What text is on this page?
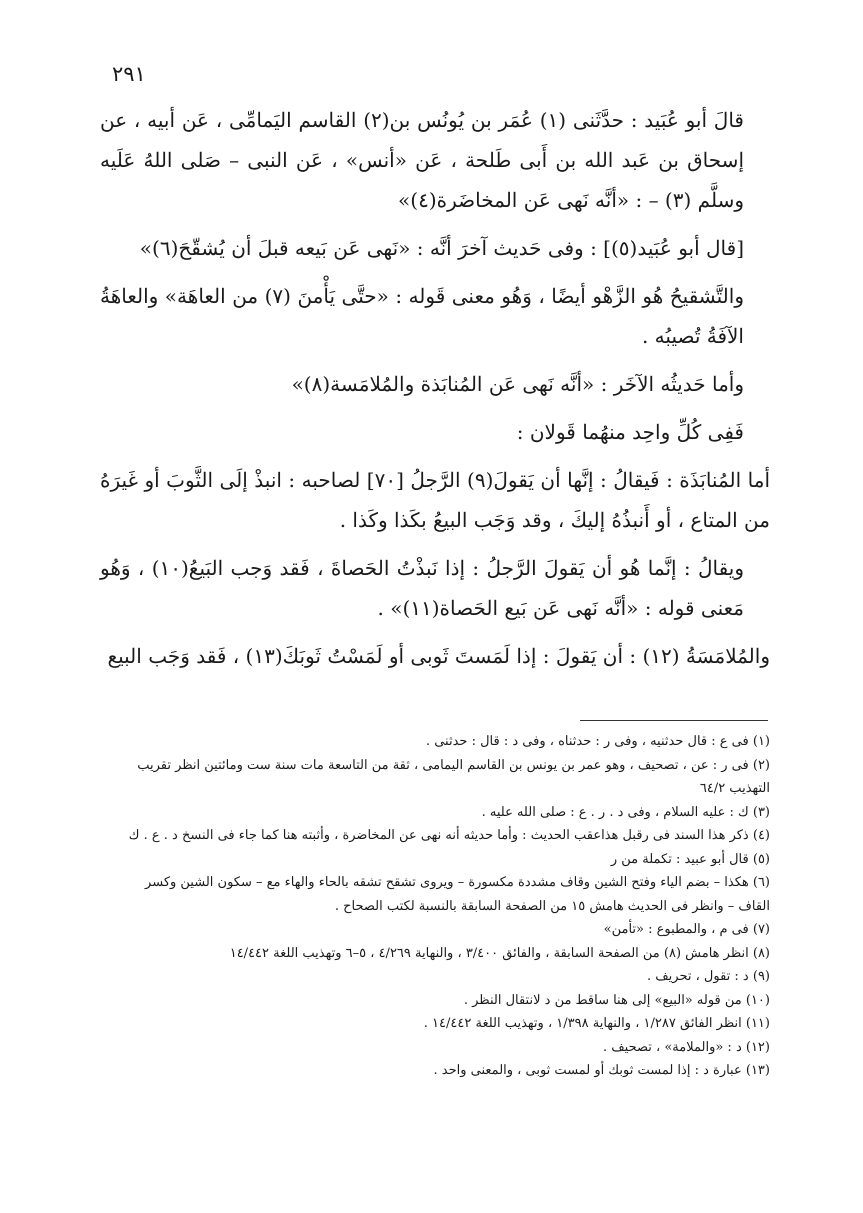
٢٩١

قالَ أبو عُبَيد : حدَّثَنى (١) عُمَر بن يُونُس بن(٢) القاسم اليَمامِّى ، عَن أبيه ، عن إسحاق بن عَبد الله بن أَبى طَلحة ، عَن «أنس» ، عَن النبى – صَلى اللهُ عَلَيه وسلَّم (٣) – : «أنَّه نَهى عَن المخاضَرة(٤)»

[قال أبو عُبَيد(٥)] : وفى حَديث آخرَ أنَّه : «نَهى عَن بَيعه قبلَ أن يُشقّحَ(٦)»

والتَّشقيحُ هُو الزَّهْو أيضًا ، وَهُو معنى قَوله : «حتَّى يَأْمنَ (٧) من العاهَة» والعاهَةُ الآفَةُ تُصيبُه .

وأما حَديثُه الآخَر : «أنَّه نَهى عَن المُنابَذة والمُلامَسة(٨)»

فَفِى كُلِّ واحِد منهُما قَولان :

أما المُنابَذَة : فَيقالُ : إنَّها أن يَقولَ(٩) الرَّجلُ [٧٠] لصاحبه : انبذْ إلَى الثَّوبَ أو غَيرَهُ من المتاع ، أو أَنبذُهُ إليكَ ، وقد وَجَب البيعُ بكَذا وكَذا .

ويقالُ : إنَّما هُو أن يَقولَ الرَّجلُ : إذا نَبذْتُ الحَصاةَ ، فَقد وَجب البَيعُ(١٠) ، وَهُو مَعنى قوله : «أنَّه نَهى عَن بَيع الحَصاة(١١)» .

والمُلامَسَةُ (١٢) : أن يَقولَ : إذا لَمَستَ ثَوبى أو لَمَسْتُ ثَوبَكَ(١٣) ، فَقد وَجَب البيع

(١) فى ع : قال حدثنيه ، وفى ر : حدثناه ، وفى د : قال : حدثنى .

(٢) فى ر : عن ، تصحيف ، وهو عمر بن يونس بن القاسم اليمامى ، ثقة من التاسعة مات سنة ست ومائتين انظر تقريب التهذيب ٦٤/٢

(٣) ك : عليه السلام ، وفى د . ر . ع : صلى الله عليه .

(٤) ذكر هذا السند فى رقبل هذاعقب الحديث : وأما حديثه أنه نهى عن المخاضرة ، وأثبته هنا كما جاء فى النسخ د . ع . ك

(٥) قال أبو عبيد : تكملة من ر

(٦) هكذا – بضم الياء وفتح الشين وقاف مشددة مكسورة – ويروى تشقح تشقه بالحاء والهاء مع – سكون الشين وكسر القاف – وانظر فى الحديث هامش ١٥ من الصفحة السابقة بالنسبة لكتب الصحاح .

(٧) فى م ، والمطبوع : «تأمن»

(٨) انظر هامش (٨) من الصفحة السابقة ، والفائق ٣/٤٠٠ ، والنهاية ٤/٢٦٩ ، ٥–٦ وتهذيب اللغة ١٤/٤٤٢

(٩) د : تقول ، تحريف .

(١٠) من قوله «البيع» إلى هنا ساقط من د لانتقال النظر .

(١١) انظر الفائق ١/٢٨٧ ، والنهاية ١/٣٩٨ ، وتهذيب اللغة ١٤/٤٤٢ .

(١٢) د : «والملامة» ، تصحيف .

(١٣) عبارة د : إذا لمست ثوبك أو لمست ثوبى ، والمعنى واحد .
